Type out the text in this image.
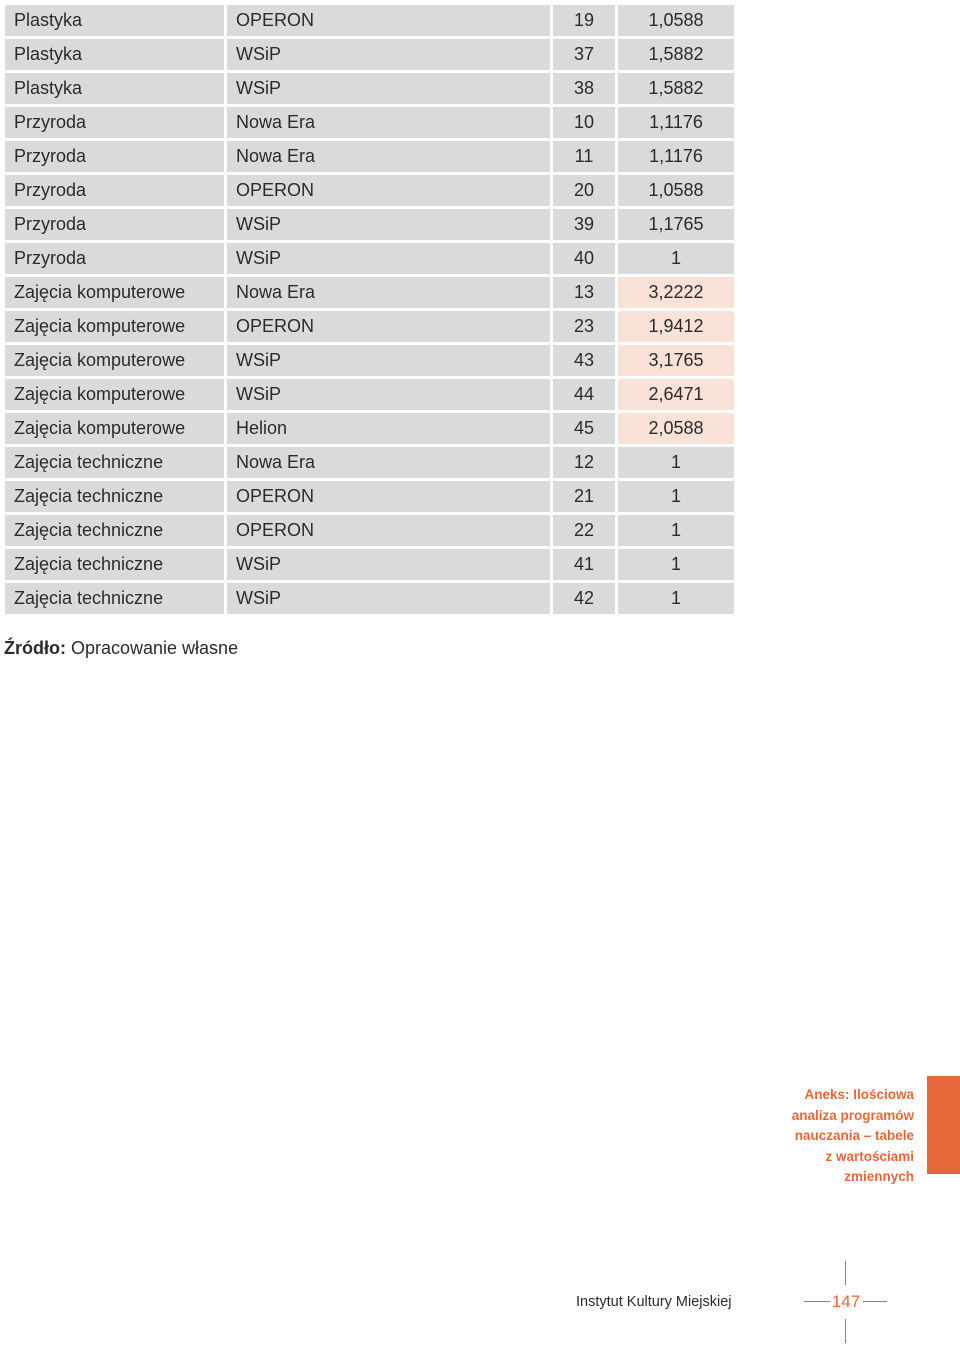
Plastyka	OPERON	19	1,0588
Plastyka	WSiP	37	1,5882
Plastyka	WSiP	38	1,5882
Przyroda	Nowa Era	10	1,1176
Przyroda	Nowa Era	11	1,1176
Przyroda	OPERON	20	1,0588
Przyroda	WSiP	39	1,1765
Przyroda	WSiP	40	1
Zajęcia komputerowe	Nowa Era	13	3,2222
Zajęcia komputerowe	OPERON	23	1,9412
Zajęcia komputerowe	WSiP	43	3,1765
Zajęcia komputerowe	WSiP	44	2,6471
Zajęcia komputerowe	Helion	45	2,0588
Zajęcia techniczne	Nowa Era	12	1
Zajęcia techniczne	OPERON	21	1
Zajęcia techniczne	OPERON	22	1
Zajęcia techniczne	WSiP	41	1
Zajęcia techniczne	WSiP	42	1
Źródło: Opracowanie własne
Aneks: Ilościowa
analiza programów
nauczania – tabele
z wartościami
zmiennych
Instytut Kultury Miejskiej	147
